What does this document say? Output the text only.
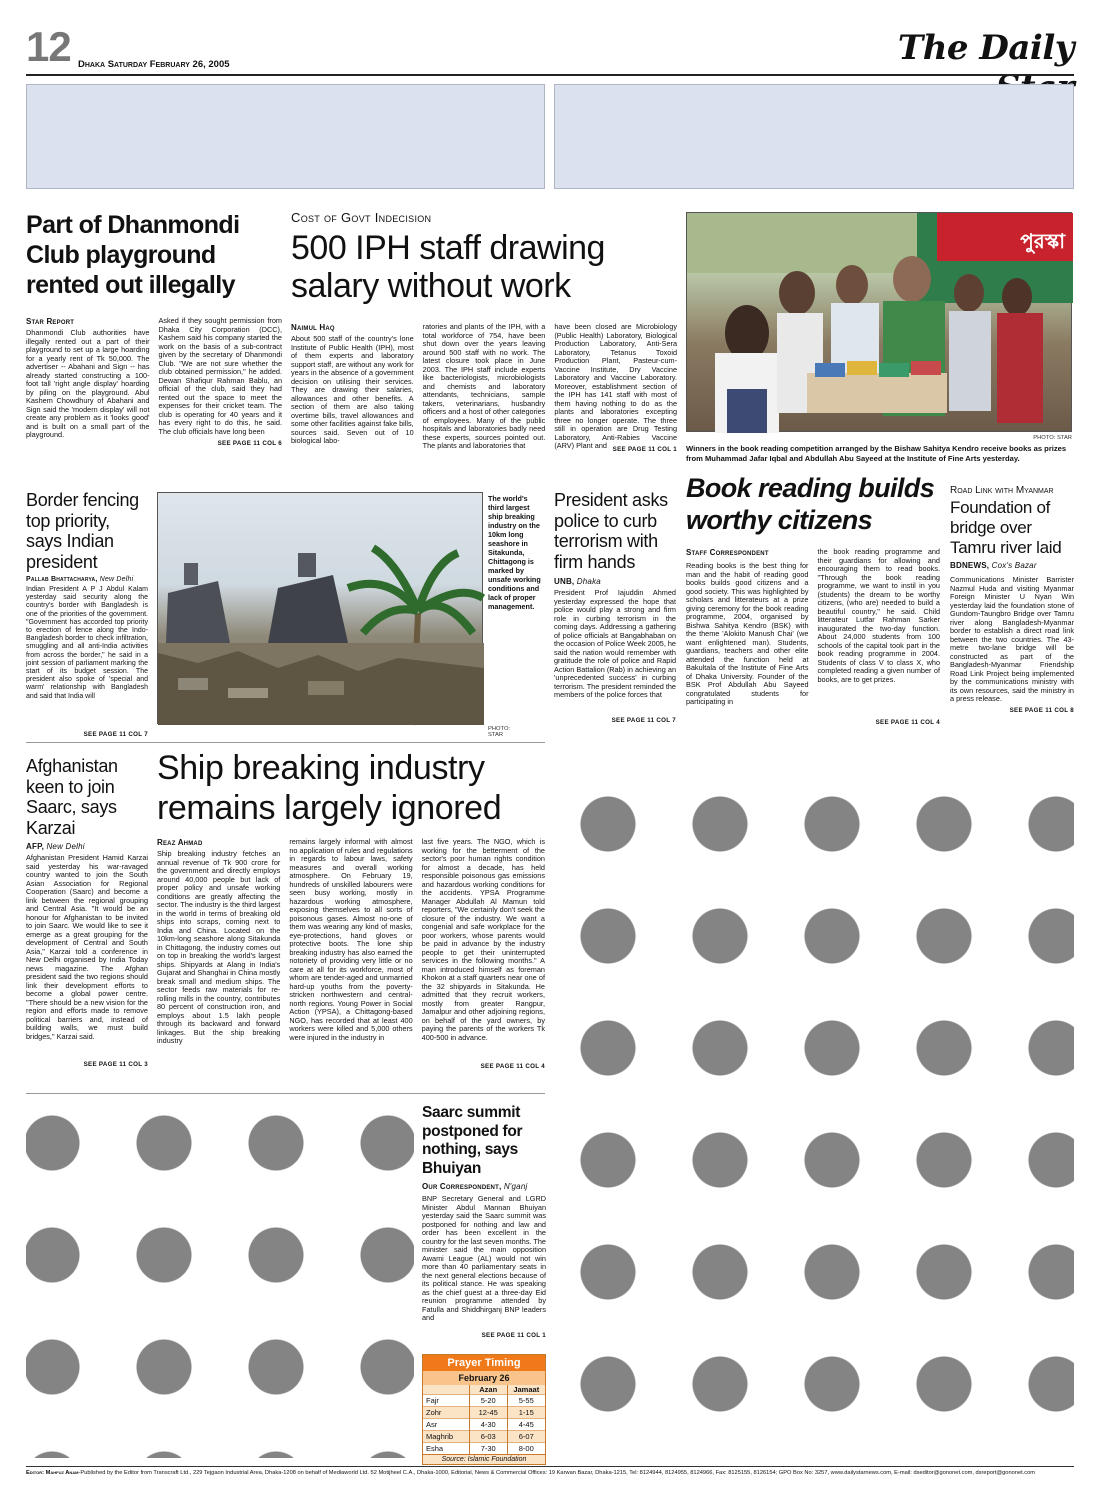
12 Dhaka Saturday February 26, 2005	The Daily
Part of Dhanmondi Club playground rented out illegally
Star Report
Dhanmondi Club authorities have illegally rented out a part of their playground to set up a large hoarding for a yearly rent of Tk 50,000. The advertiser -- Abahani and Sign -- has already started constructing a 100-foot tall 'right angle display' hoarding by piling on the playground. Abul Kashem Chowdhury of Abahani and Sign said the 'modern display' will not create any problem as it 'looks good' and is built on a small part of the playground.
Asked if they sought permission from Dhaka City Corporation (DCC), Kashem said his company started the work on the basis of a sub-contract given by the secretary of Dhanmondi Club. "We are not sure whether the club obtained permission," he added. Dewan Shafiqur Rahman Bablu, an official of the club, said they had rented out the space to meet the expenses for their cricket team. The club is operating for 40 years and it has every right to do this, he said. The club officials have long been
SEE PAGE 11 COL 6
Cost of Govt Indecision
500 IPH staff drawing salary without work
Naimul Haq
About 500 staff of the country's lone Institute of Public Health (IPH), most of them experts and laboratory support staff, are without any work for years in the absence of a government decision on utilising their services. They are drawing their salaries, allowances and other benefits. A section of them are also taking overtime bills, travel allowances and some other facilities against fake bills, sources said. Seven out of 10 biological labo-
ratories and plants of the IPH, with a total workforce of 754, have been shut down over the years leaving around 500 staff with no work. The latest closure took place in June 2003. The IPH staff include experts like bacteriologists, microbiologists and chemists and laboratory attendants, technicians, sample takers, veterinarians, husbandry officers and a host of other categories of employees. Many of the public hospitals and laboratories badly need these experts, sources pointed out. The plants and laboratories that
have been closed are Microbiology (Public Health) Laboratory, Biological Production Laboratory, Anti-Sera Laboratory, Tetanus Toxoid Production Plant, Pasteur-cum-Vaccine Institute, Dry Vaccine Laboratory and Vaccine Laboratory. Moreover, establishment section of the IPH has 141 staff with most of them having nothing to do as the plants and laboratories excepting three no longer operate. The three still in operation are Drug Testing Laboratory, Anti-Rabies Vaccine (ARV) Plant and SEE PAGE 11 COL 1
পুরস্কা
PHOTO: STAR
Winners in the book reading competition arranged by the Bishaw Sahitya Kendro receive books as prizes from Muhammad Jafar Iqbal and Abdullah Abu Sayeed at the Institute of Fine Arts yesterday.
Border fencing top priority, says Indian president
Pallab Bhattacharya, New Delhi
Indian President A P J Abdul Kalam yesterday said security along the country's border with Bangladesh is one of the priorities of the government. "Government has accorded top priority to erection of fence along the Indo-Bangladesh border to check infiltration, smuggling and all anti-India activities from across the border," he said in a joint session of parliament marking the start of its budget session. The president also spoke of 'special and warm' relationship with Bangladesh and said that India will
SEE PAGE 11 COL 7
The world's third largest ship breaking industry on the 10km long seashore in Sitakunda, Chittagong is marked by unsafe working conditions and lack of proper management.
PHOTO: STAR
President asks police to curb terrorism with firm hands
UNB, Dhaka
President Prof Iajuddin Ahmed yesterday expressed the hope that police would play a strong and firm role in curbing terrorism in the coming days. Addressing a gathering of police officials at Bangabhaban on the occasion of Police Week 2005, he said the nation would remember with gratitude the role of police and Rapid Action Battalion (Rab) in achieving an 'unprecedented success' in curbing terrorism. The president reminded the members of the police forces that
SEE PAGE 11 COL 7
Book reading builds worthy citizens
Staff Correspondent
Reading books is the best thing for man and the habit of reading good books builds good citizens and a good society. This was highlighted by scholars and litterateurs at a prize giving ceremony for the book reading programme, 2004, organised by Bishwa Sahitya Kendro (BSK) with the theme 'Alokito Manush Chai' (we want enlightened man). Students, guardians, teachers and other elite attended the function held at Bakultala of the Institute of Fine Arts of Dhaka University. Founder of the BSK Prof Abdullah Abu Sayeed congratulated students for participating in
the book reading programme and their guardians for allowing and encouraging them to read books. "Through the book reading programme, we want to instil in you (students) the dream to be worthy citizens, (who are) needed to build a beautiful country," he said. Child litterateur Lutfar Rahman Sarker inaugurated the two-day function. About 24,000 students from 100 schools of the capital took part in the book reading programme in 2004. Students of class V to class X, who completed reading a given number of books, are to get prizes.
SEE PAGE 11 COL 4
Road Link with Myanmar
Foundation of bridge over Tamru river laid
BDNEWS, Cox's Bazar
Communications Minister Barrister Nazmul Huda and visiting Myanmar Foreign Minister U Nyan Win yesterday laid the foundation stone of Gundom-Taungbro Bridge over Tamru river along Bangladesh-Myanmar border to establish a direct road link between the two countries. The 43-metre two-lane bridge will be constructed as part of the Bangladesh-Myanmar Friendship Road Link Project being implemented by the communications ministry with its own resources, said the ministry in a press release.
SEE PAGE 11 COL 8
Afghanistan keen to join Saarc, says Karzai
AFP, New Delhi
Afghanistan President Hamid Karzai said yesterday his war-ravaged country wanted to join the South Asian Association for Regional Cooperation (Saarc) and become a link between the regional grouping and Central Asia. "It would be an honour for Afghanistan to be invited to join Saarc. We would like to see it emerge as a great grouping for the development of Central and South Asia," Karzai told a conference in New Delhi organised by India Today news magazine. The Afghan president said the two regions should link their development efforts to become a global power centre. "There should be a new vision for the region and efforts made to remove political barriers and, instead of building walls, we must build bridges," Karzai said.
SEE PAGE 11 COL 3
Ship breaking industry remains largely ignored
Reaz Ahmad
Ship breaking industry fetches an annual revenue of Tk 900 crore for the government and directly employs around 40,000 people but lack of proper policy and unsafe working conditions are greatly affecting the sector. The industry is the third largest in the world in terms of breaking old ships into scraps, coming next to India and China. Located on the 10km-long seashore along Sitakunda in Chittagong, the industry comes out on top in breaking the world's largest ships. Shipyards at Alang in India's Gujarat and Shanghai in China mostly break small and medium ships. The sector feeds raw materials for re-rolling mills in the country, contributes 80 percent of construction iron, and employs about 1.5 lakh people through its backward and forward linkages. But the ship breaking industry
remains largely informal with almost no application of rules and regulations in regards to labour laws, safety measures and overall working atmosphere. On February 19, hundreds of unskilled labourers were seen busy working, mostly in hazardous working atmosphere, exposing themselves to all sorts of poisonous gases. Almost no-one of them was wearing any kind of masks, eye-protections, hand gloves or protective boots. The lone ship breaking industry has also earned the notoriety of providing very little or no care at all for its workforce, most of whom are tender-aged and unmarried hard-up youths from the poverty-stricken northwestern and central-north regions. Young Power in Social Action (YPSA), a Chittagong-based NGO, has recorded that at least 400 workers were killed and 5,000 others were injured in the industry in
last five years. The NGO, which is working for the betterment of the sector's poor human rights condition for almost a decade, has held responsible poisonous gas emissions and hazardous working conditions for the accidents. YPSA Programme Manager Abdullah Al Mamun told reporters, "We certainly don't seek the closure of the industry. We want a congenial and safe workplace for the poor workers, whose parents would be paid in advance by the industry people to get their uninterrupted services in the following months." A man introduced himself as foreman Khokon at a staff quarters near one of the 32 shipyards in Sitakunda. He admitted that they recruit workers, mostly from greater Rangpur, Jamalpur and other adjoining regions, on behalf of the yard owners, by paying the parents of the workers Tk 400-500 in advance.
SEE PAGE 11 COL 4
Saarc summit postponed for nothing, says Bhuiyan
Our Correspondent, N'ganj
BNP Secretary General and LGRD Minister Abdul Mannan Bhuiyan yesterday said the Saarc summit was postponed for nothing and law and order has been excellent in the country for the last seven months. The minister said the main opposition Awami League (AL) would not win more than 40 parliamentary seats in the next general elections because of its political stance. He was speaking as the chief guest at a three-day Eid reunion programme attended by Fatulla and Shiddhirganj BNP leaders and
SEE PAGE 11 COL 1
Prayer Timing
February 26
	Azan	Jamaat
Fajr	5-20	5-55
Zohr	12-45	1-15
Asr	4-30	4-45
Maghrib	6-03	6-07
Esha	7-30	8-00
Source: Islamic Foundation
Editor: Mahfuz Anam-Published by the Editor from Transcraft Ltd., 229 Tejgaon Industrial Area, Dhaka-1208 on behalf of Mediaworld Ltd. 52 Motijheel C.A., Dhaka-1000, Editorial, News & Commercial Offices: 19 Karwan Bazar, Dhaka-1215, Tel: 8124944, 8124955, 8124966, Fax: 8125155, 8126154; GPO Box No: 3257, www.dailystarnews.com, E-mail: dseditor@gononet.com, dsreport@gononet.com
